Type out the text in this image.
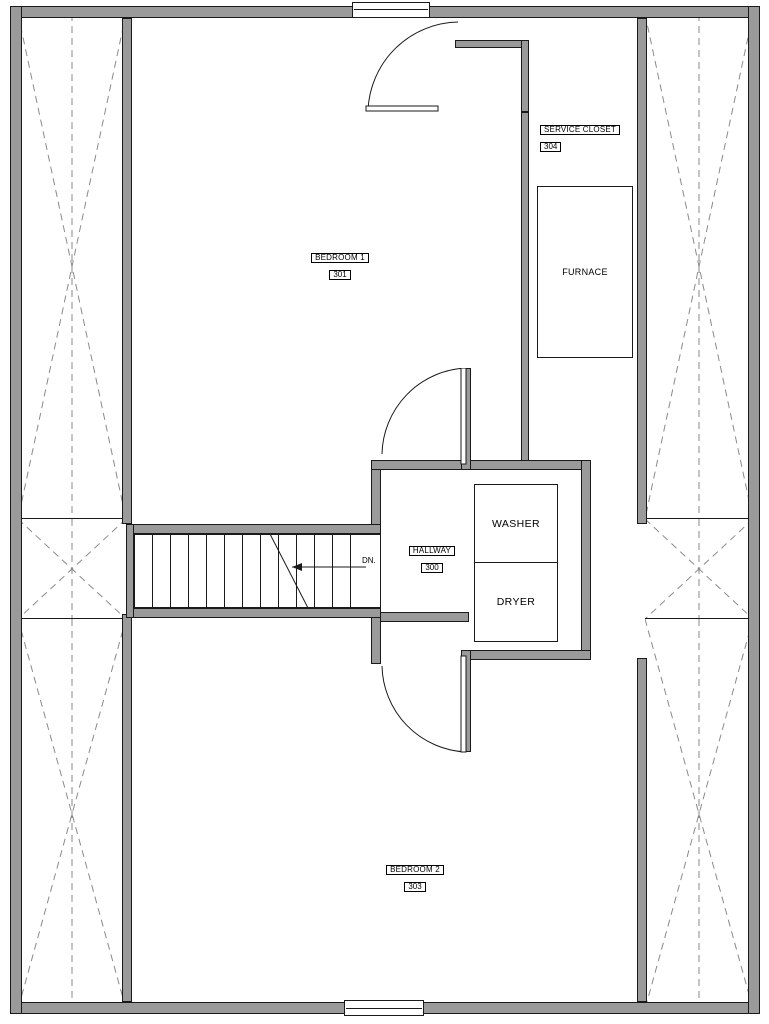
DN.
FURNACE
WASHER
DRYER
BEDROOM 1
301
BEDROOM 2
303
HALLWAY
300
SERVICE CLOSET
304
